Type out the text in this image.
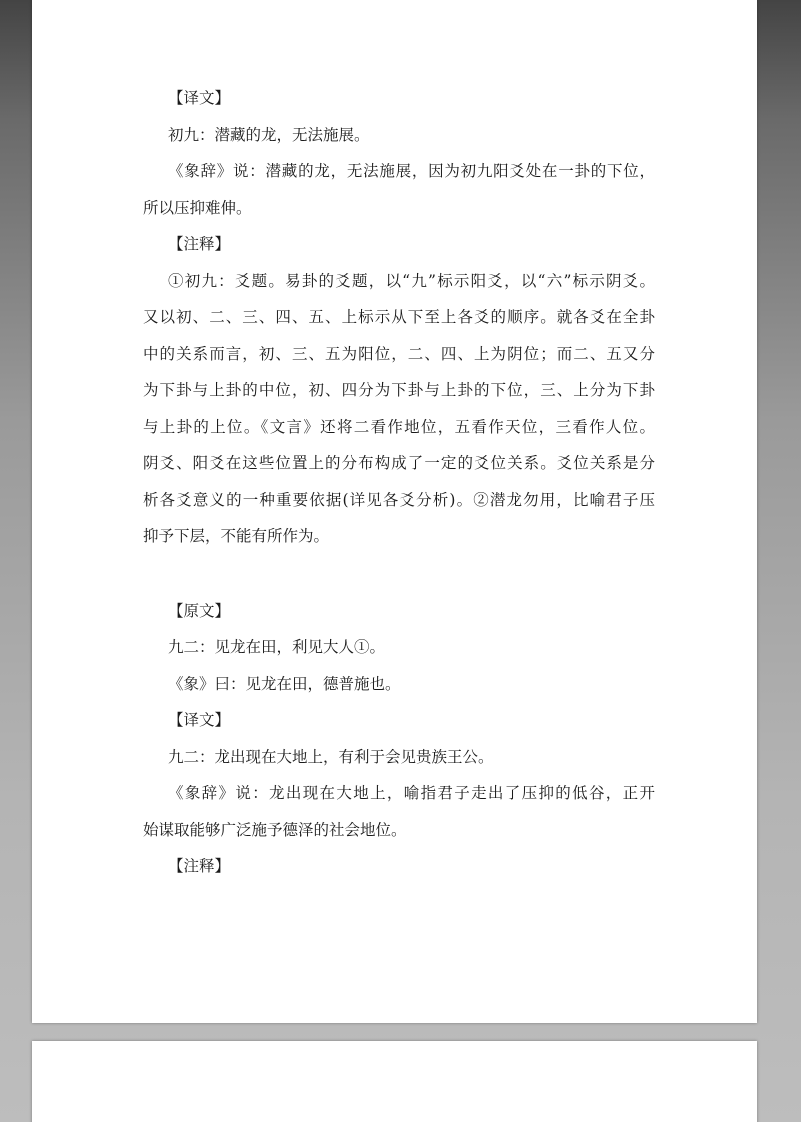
【译文】
初九：潜藏的龙，无法施展。
《象辞》说：潜藏的龙，无法施展，因为初九阳爻处在一卦的下位，
所以压抑难伸。
【注释】
①初九：爻题。易卦的爻题，以“九”标示阳爻，以“六”标示阴爻。
又以初、二、三、四、五、上标示从下至上各爻的顺序。就各爻在全卦
中的关系而言，初、三、五为阳位，二、四、上为阴位；而二、五又分
为下卦与上卦的中位，初、四分为下卦与上卦的下位，三、上分为下卦
与上卦的上位。《文言》还将二看作地位，五看作天位，三看作人位。
阴爻、阳爻在这些位置上的分布构成了一定的爻位关系。爻位关系是分
析各爻意义的一种重要依据(详见各爻分析)。②潜龙勿用，比喻君子压
抑予下层，不能有所作为。
【原文】
九二：见龙在田，利见大人①。
《象》曰：见龙在田，德普施也。
【译文】
九二：龙出现在大地上，有利于会见贵族王公。
《象辞》说：龙出现在大地上，喻指君子走出了压抑的低谷，正开
始谋取能够广泛施予德泽的社会地位。
【注释】
